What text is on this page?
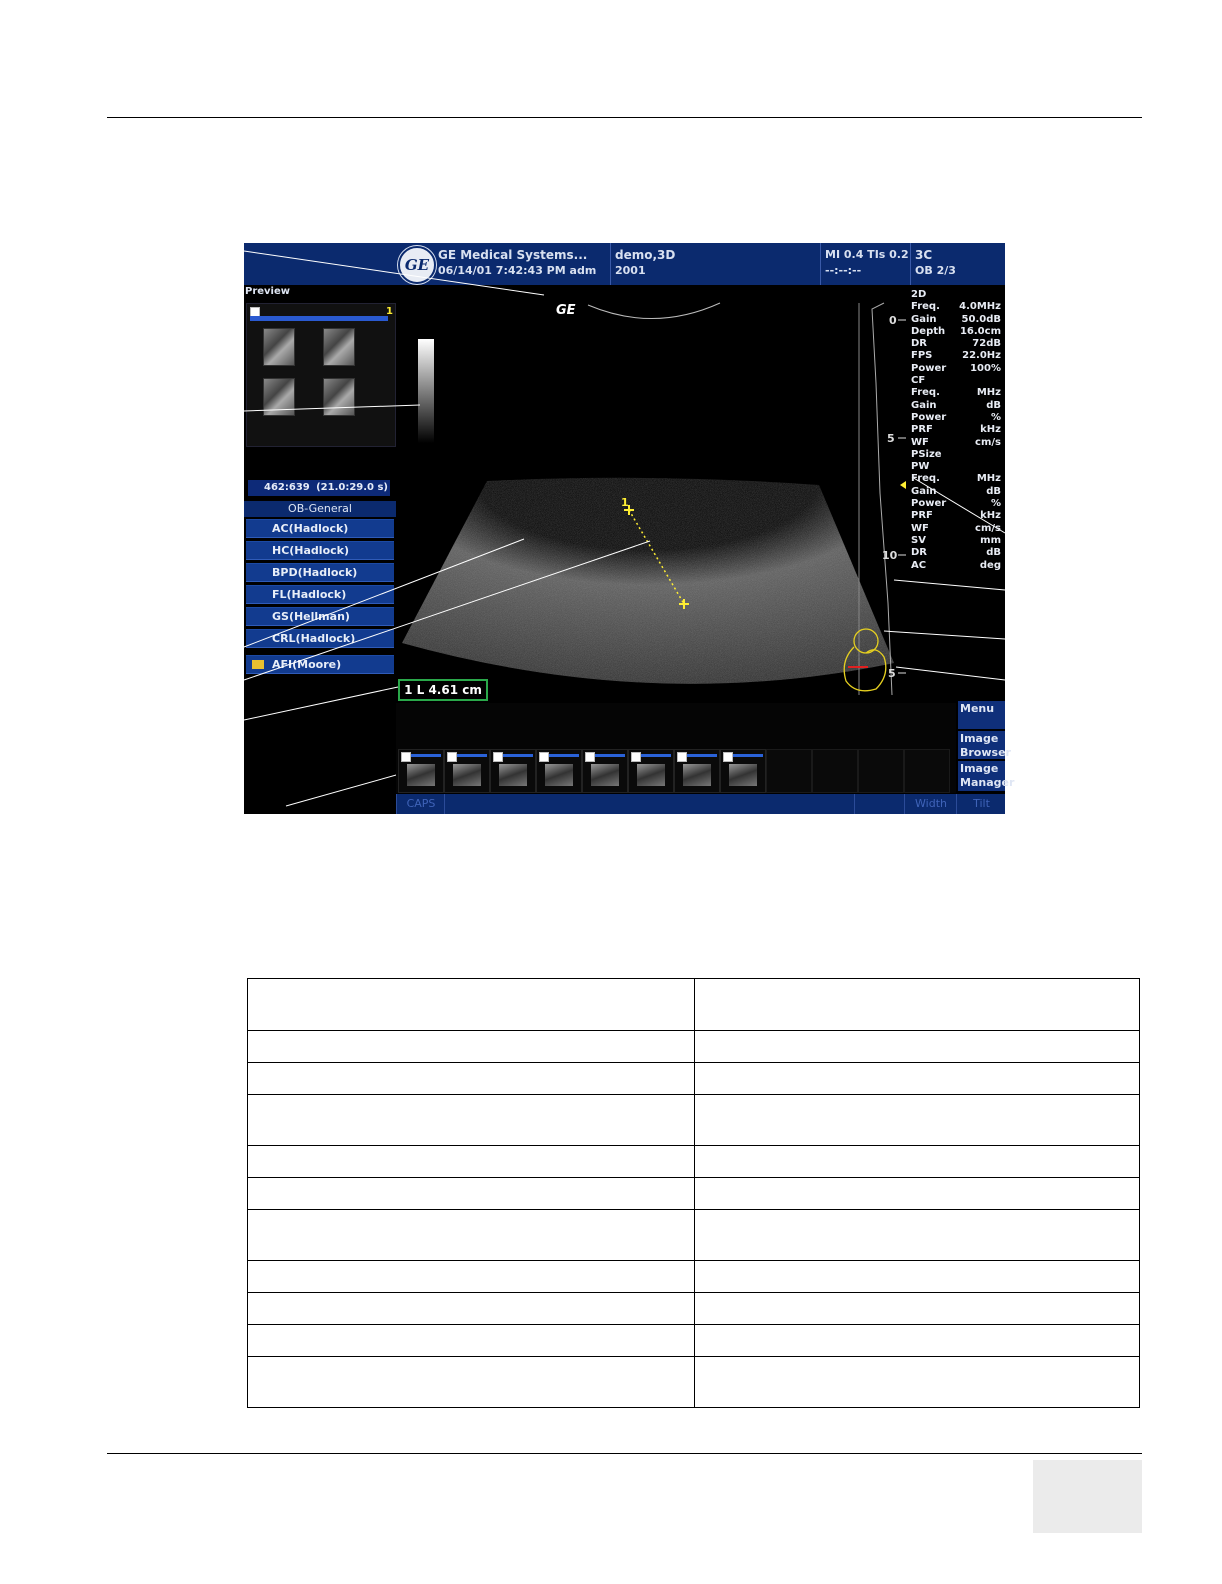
GE
GE Medical Systems...
06/14/01 7:42:43 PM adm
demo,3D
2001
MI 0.4 TIs 0.2
--:--:--
3C
OB 2/3
Preview
1
462:639 (21.0:29.0 s)
OB-General
AC(Hadlock)
HC(Hadlock)
BPD(Hadlock)
FL(Hadlock)
GS(Hellman)
CRL(Hadlock)
AFI(Moore)
GE
1
0
5
10
5
2D
Freq. 4.0MHz
Gain	50.0dB
Depth 16.0cm
DR	72dB
FPS	22.0Hz
Power 100%
CF
Freq.	MHz
Gain	dB
Power	%
PRF	kHz
WF	cm/s
PSize
PW
Freq.	MHz
Gain	dB
Power	%
PRF	kHz
WF	cm/s
SV	mm
DR	dB
AC	deg
1 L 4.61 cm
Menu
Image
Browser
Image
Manager
CAPS	Width	Tilt
